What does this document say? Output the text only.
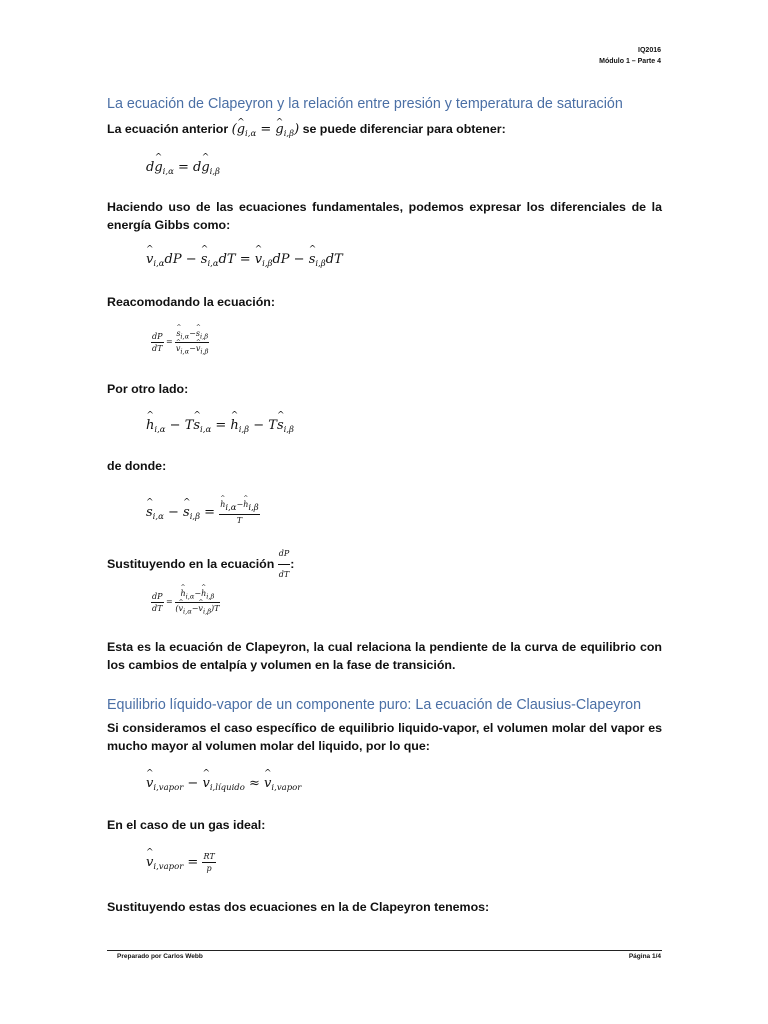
IQ2016
Módulo 1 – Parte 4
La ecuación de Clapeyron y la relación entre presión y temperatura de saturación
La ecuación anterior (^ $g_{i,\alpha}$ = ^ $g_{i,\beta}$) se puede diferenciar para obtener:
d^ $g_{i,\alpha}$ = d^ $g_{i,\beta}$
Haciendo uso de las ecuaciones fundamentales, podemos expresar los diferenciales de la energía Gibbs como:
^ $v_{i,\alpha}dP$ − ^ $s_{i,\alpha}dT$ = ^ $v_{i,\beta}dP$ − ^ $s_{i,\beta}dT$
Reacomodando la ecuación:
$\frac{dP}{dT}$ = ^ $s_{i,\alpha}-\^{}$ $s_{i,\beta}$
^ $v_{i,\alpha}-\^{}$ $v_{i,\beta}$
Por otro lado:
^ $h_{i,\alpha}$ − T^ $s_{i,\alpha}$ = ^ $h_{i,\beta}$ − T^ $s_{i,\beta}$
de donde:
^ $s_{i,\alpha}$ − ^ $s_{i,\beta}$ = ^ $\frac{h_{i,\alpha}-\^{} h_{i,\beta}}{T}$
Sustituyendo en la ecuación $\frac{dP}{dT}$ :
$\frac{dP}{dT}$ = ^ $\frac{h_{i,\alpha}-\^{} h_{i,\beta}}{(\^{} v_{i,\alpha}-\^{} v_{i,\beta})T}$
Esta es la ecuación de Clapeyron, la cual relaciona la pendiente de la curva de equilibrio con los cambios de entalpía y volumen en la fase de transición.
Equilibrio líquido-vapor de un componente puro: La ecuación de Clausius-Clapeyron
Si consideramos el caso específico de equilibrio liquido-vapor, el volumen molar del vapor es mucho mayor al volumen molar del liquido, por lo que:
^ $v_{i,vapor}$ − ^ $v_{i,líquido}$ ≈ ^ $v_{i,vapor}$
En el caso de un gas ideal:
^ $v_{i,vapor} = \frac{RT}{p}$
Sustituyendo estas dos ecuaciones en la de Clapeyron tenemos:
Preparado por Carlos Webb	Página 1/4
